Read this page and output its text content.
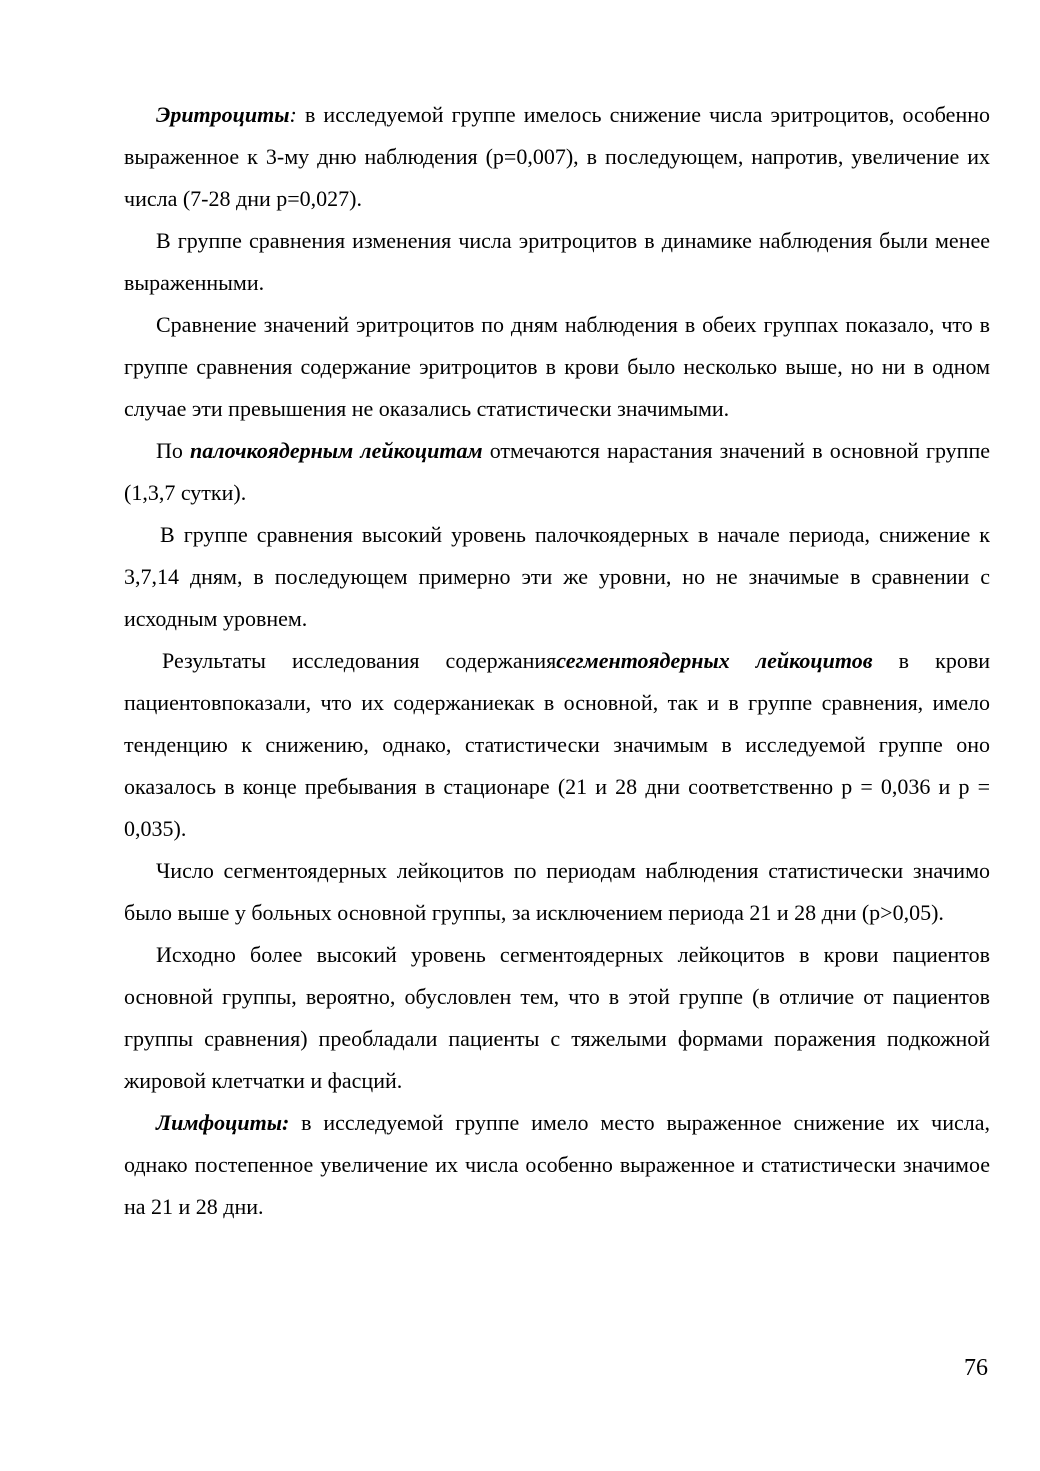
Эритроциты: в исследуемой группе имелось снижение числа эритроцитов, особенно выраженное к 3-му дню наблюдения (р=0,007), в последующем, напротив, увеличение их числа (7-28 дни р=0,027).

В группе сравнения изменения числа эритроцитов в динамике наблюдения были менее выраженными.

Сравнение значений эритроцитов по дням наблюдения в обеих группах показало, что в группе сравнения содержание эритроцитов в крови было несколько выше, но ни в одном случае эти превышения не оказались статистически значимыми.

По палочкоядерным лейкоцитам отмечаются нарастания значений в основной группе (1,3,7 сутки).

В группе сравнения высокий уровень палочкоядерных в начале периода, снижение к 3,7,14 дням, в последующем примерно эти же уровни, но не значимые в сравнении с исходным уровнем.

Результаты исследования содержаниясегментоядерных лейкоцитов в крови пациентовпоказали, что их содержаниекак в основной, так и в группе сравнения, имело тенденцию к снижению, однако, статистически значимым в исследуемой группе оно оказалось в конце пребывания в стационаре (21 и 28 дни соответственно р = 0,036 и р = 0,035).

Число сегментоядерных лейкоцитов по периодам наблюдения статистически значимо было выше у больных основной группы, за исключением периода 21 и 28 дни (р>0,05).

Исходно более высокий уровень сегментоядерных лейкоцитов в крови пациентов основной группы, вероятно, обусловлен тем, что в этой группе (в отличие от пациентов группы сравнения) преобладали пациенты с тяжелыми формами поражения подкожной жировой клетчатки и фасций.

Лимфоциты: в исследуемой группе имело место выраженное снижение их числа, однако постепенное увеличение их числа особенно выраженное и статистически значимое на 21 и 28 дни.

76
